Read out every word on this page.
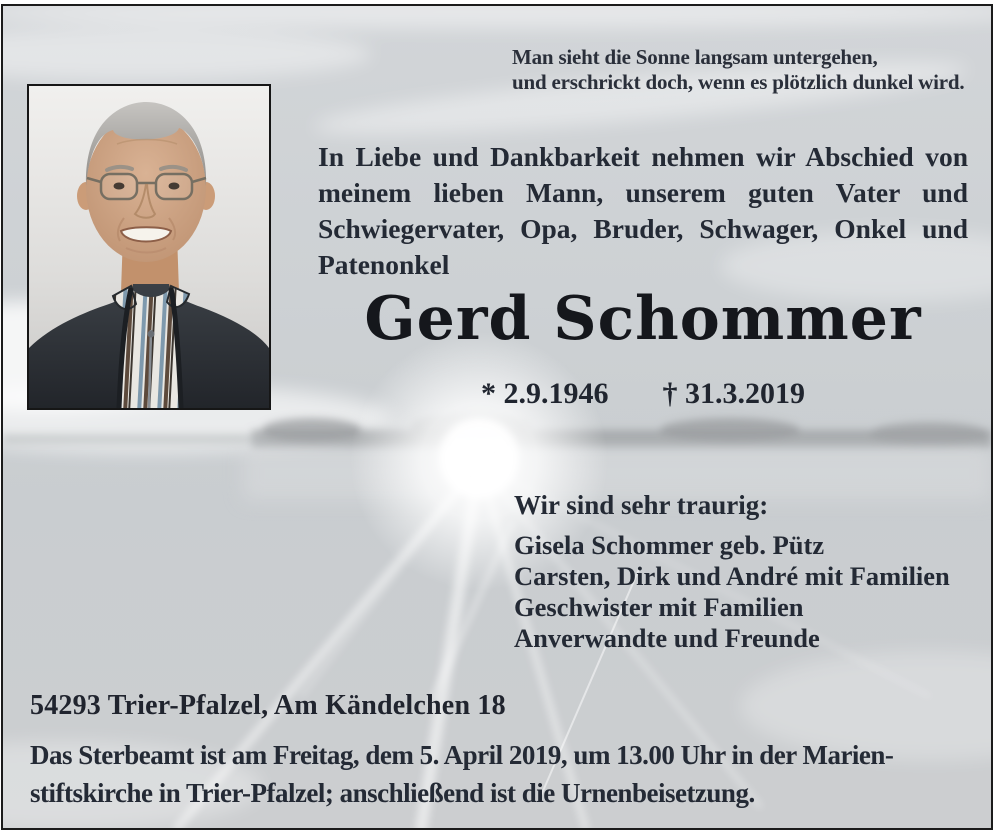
Man sieht die Sonne langsam untergehen,
und erschrickt doch, wenn es plötzlich dunkel wird.

In Liebe und Dankbarkeit nehmen wir Abschied von meinem lieben Mann, unserem guten Vater und Schwiegervater, Opa, Bruder, Schwager, Onkel und Patenonkel

Gerd Schommer
* 2.9.1946 † 31.3.2019
Wir sind sehr traurig:
Gisela Schommer geb. Pütz
Carsten, Dirk und André mit Familien
Geschwister mit Familien
Anverwandte und Freunde
54293 Trier-Pfalzel, Am Kändelchen 18
Das Sterbeamt ist am Freitag, dem 5. April 2019, um 13.00 Uhr in der Marien-
stiftskirche in Trier-Pfalzel; anschließend ist die Urnenbeisetzung.
